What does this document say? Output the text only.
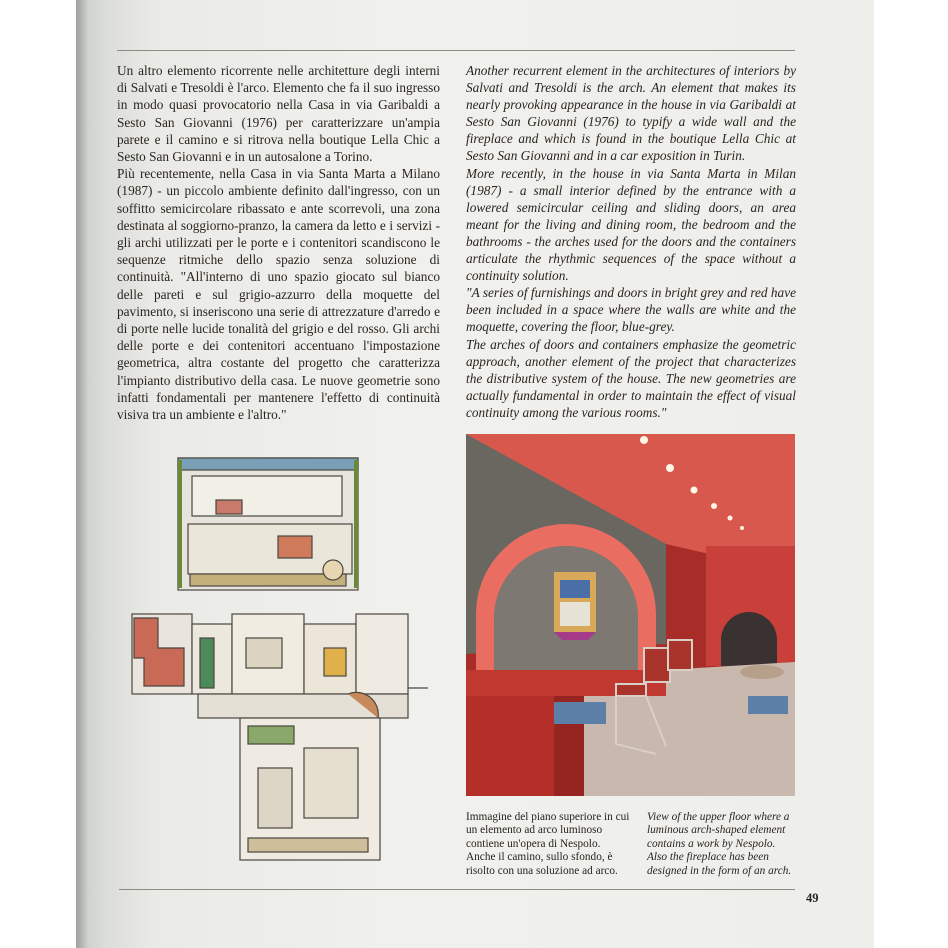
Un altro elemento ricorrente nelle architetture degli interni di Salvati e Tresoldi è l'arco. Elemento che fa il suo ingresso in modo quasi provocatorio nella Casa in via Garibaldi a Sesto San Giovanni (1976) per caratterizzare un'ampia parete e il camino e si ritrova nella boutique Lella Chic a Sesto San Giovanni e in un autosalone a Torino.

Più recentemente, nella Casa in via Santa Marta a Milano (1987) - un piccolo ambiente definito dall'ingresso, con un soffitto semicircolare ribassato e ante scorrevoli, una zona destinata al soggiorno-pranzo, la camera da letto e i servizi - gli archi utilizzati per le porte e i contenitori scandiscono le sequenze ritmiche dello spazio senza soluzione di continuità. "All'interno di uno spazio giocato sul bianco delle pareti e sul grigio-azzurro della moquette del pavimento, si inseriscono una serie di attrezzature d'arredo e di porte nelle lucide tonalità del grigio e del rosso. Gli archi delle porte e dei contenitori accentuano l'impostazione geometrica, altra costante del progetto che caratterizza l'impianto distributivo della casa. Le nuove geometrie sono infatti fondamentali per mantenere l'effetto di continuità visiva tra un ambiente e l'altro."

Another recurrent element in the architectures of interiors by Salvati and Tresoldi is the arch. An element that makes its nearly provoking appearance in the house in via Garibaldi at Sesto San Giovanni (1976) to typify a wide wall and the fireplace and which is found in the boutique Lella Chic at Sesto San Giovanni and in a car exposition in Turin.

More recently, in the house in via Santa Marta in Milan (1987) - a small interior defined by the entrance with a lowered semicircular ceiling and sliding doors, an area meant for the living and dining room, the bedroom and the bathrooms - the arches used for the doors and the containers articulate the rhythmic sequences of the space without a continuity solution.

"A series of furnishings and doors in bright grey and red have been included in a space where the walls are white and the moquette, covering the floor, blue-grey.

The arches of doors and containers emphasize the geometric approach, another element of the project that characterizes the distributive system of the house. The new geometries are actually fundamental in order to maintain the effect of visual continuity among the various rooms."

Immagine del piano superiore in cui un elemento ad arco luminoso contiene un'opera di Nespolo. Anche il camino, sullo sfondo, è risolto con una soluzione ad arco.

View of the upper floor where a luminous arch-shaped element contains a work by Nespolo. Also the fireplace has been designed in the form of an arch.

49
